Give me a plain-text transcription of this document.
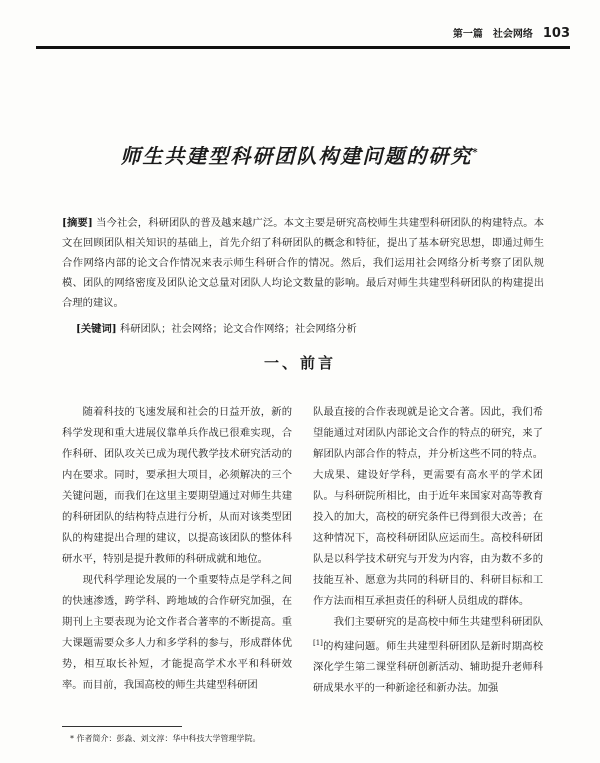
第一篇　社会网络 103
师生共建型科研团队构建问题的研究*
[摘要] 当今社会，科研团队的普及越来越广泛。本文主要是研究高校师生共建型科研团队的构建特点。本文在回顾团队相关知识的基础上，首先介绍了科研团队的概念和特征，提出了基本研究思想，即通过师生合作网络内部的论文合作情况来表示师生科研合作的情况。然后，我们运用社会网络分析考察了团队规模、团队的网络密度及团队论文总量对团队人均论文数量的影响。最后对师生共建型科研团队的构建提出合理的建议。
[关键词] 科研团队；社会网络；论文合作网络；社会网络分析
一、前言

随着科技的飞速发展和社会的日益开放，新的科学发现和重大进展仪靠单兵作战已很难实现，合作科研、团队攻关已成为现代教学技术研究活动的内在要求。同时，要承担大项目，必须解决的三个关键问题，而我们在这里主要期望通过对师生共建的科研团队的结构特点进行分析，从而对该类型团队的构建提出合理的建议，以提高该团队的整体科研水平，特别是提升教师的科研成就和地位。

现代科学理论发展的一个重要特点是学科之间的快速渗透，跨学科、跨地域的合作研究加强，在期刊上主要表现为论文作者合著率的不断提高。重大课题需要众多人力和多学科的参与，形成群体优势，相互取长补短，才能提高学术水平和科研效率。而目前，我国高校的师生共建型科研团

队最直接的合作表现就是论文合著。因此，我们希望能通过对团队内部论文合作的特点的研究，来了解团队内部合作的特点，并分析这些不同的特点。大成果、建设好学科，更需要有高水平的学术团队。与科研院所相比，由于近年来国家对高等教育投入的加大，高校的研究条件已得到很大改善；在这种情况下，高校科研团队应运而生。高校科研团队是以科学技术研究与开发为内容，由为数不多的技能互补、愿意为共同的科研目的、科研目标和工作方法而相互承担责任的科研人员组成的群体。

我们主要研究的是高校中师生共建型科研团队[1]的构建问题。师生共建型科研团队是新时期高校深化学生第二课堂科研创新活动、辅助提升老师科研成果水平的一种新途径和新办法。加强

* 作者简介：彭淼、刘文淳：华中科技大学管理学院。
